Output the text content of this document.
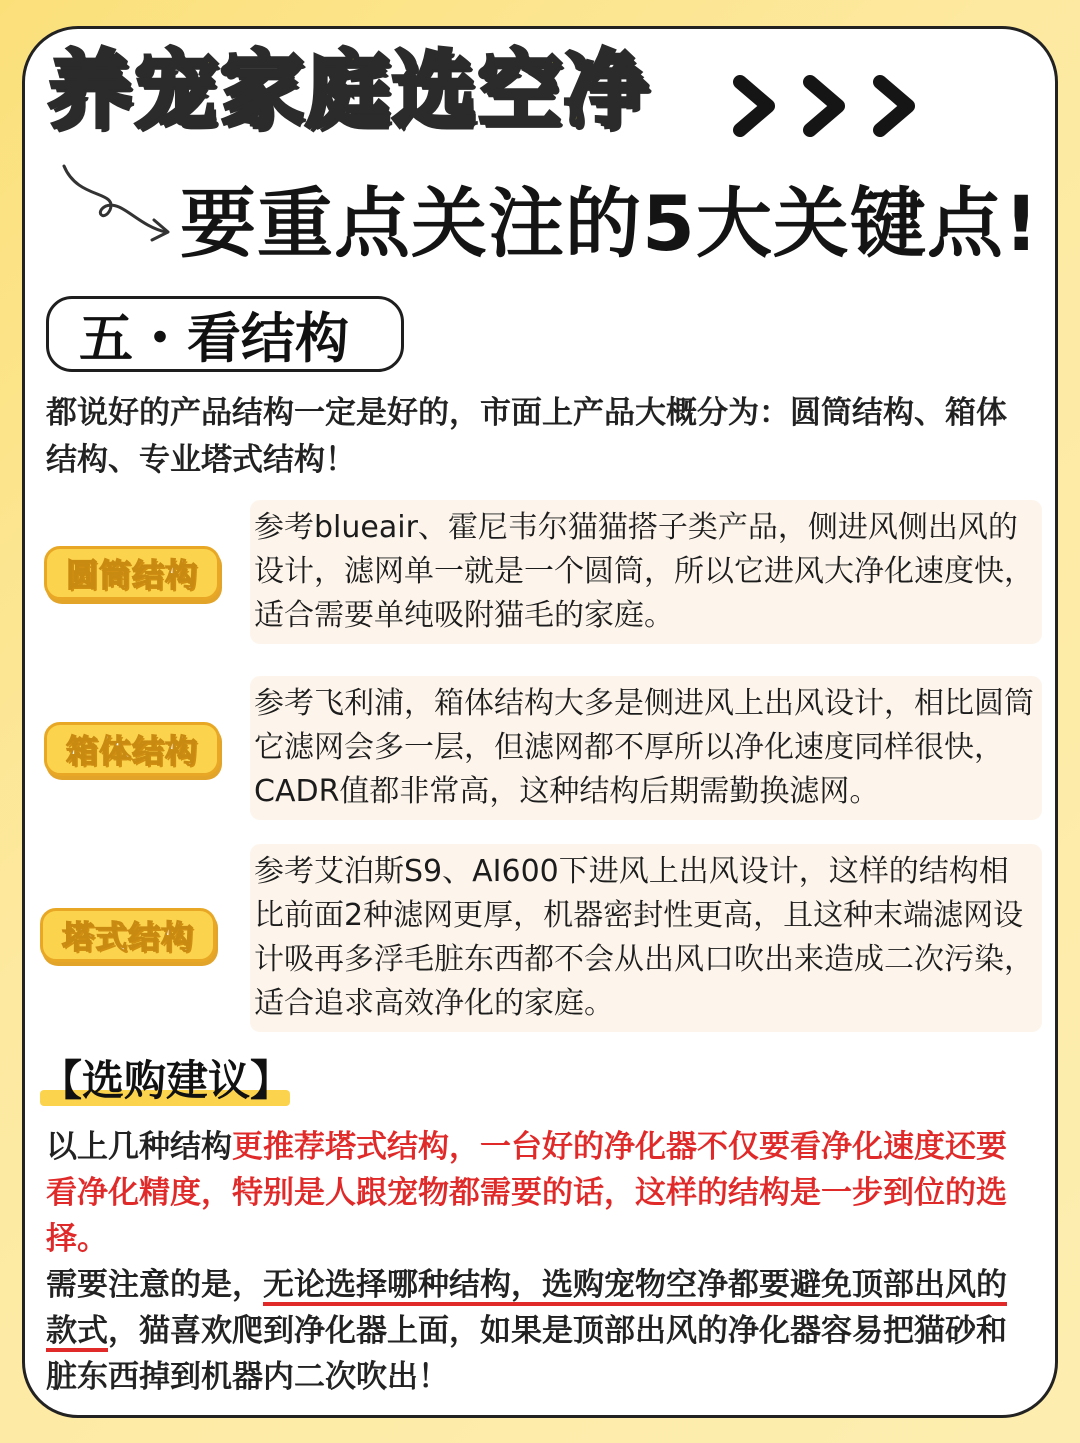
养宠家庭选空净
要重点关注的5大关键点!
五・看结构
都说好的产品结构一定是好的，市面上产品大概分为：圆筒结构、箱体结构、专业塔式结构！
圆筒结构
参考blueair、霍尼韦尔猫猫搭子类产品，侧进风侧出风的设计，滤网单一就是一个圆筒，所以它进风大净化速度快，适合需要单纯吸附猫毛的家庭。
箱体结构
参考飞利浦，箱体结构大多是侧进风上出风设计，相比圆筒它滤网会多一层，但滤网都不厚所以净化速度同样很快，CADR值都非常高，这种结构后期需勤换滤网。
塔式结构
参考艾泊斯S9、AI600下进风上出风设计，这样的结构相比前面2种滤网更厚，机器密封性更高，且这种末端滤网设计吸再多浮毛脏东西都不会从出风口吹出来造成二次污染，适合追求高效净化的家庭。
【选购建议】
以上几种结构更推荐塔式结构，一台好的净化器不仅要看净化速度还要看净化精度，特别是人跟宠物都需要的话，这样的结构是一步到位的选择。
需要注意的是，无论选择哪种结构，选购宠物空净都要避免顶部出风的款式，猫喜欢爬到净化器上面，如果是顶部出风的净化器容易把猫砂和脏东西掉到机器内二次吹出！
